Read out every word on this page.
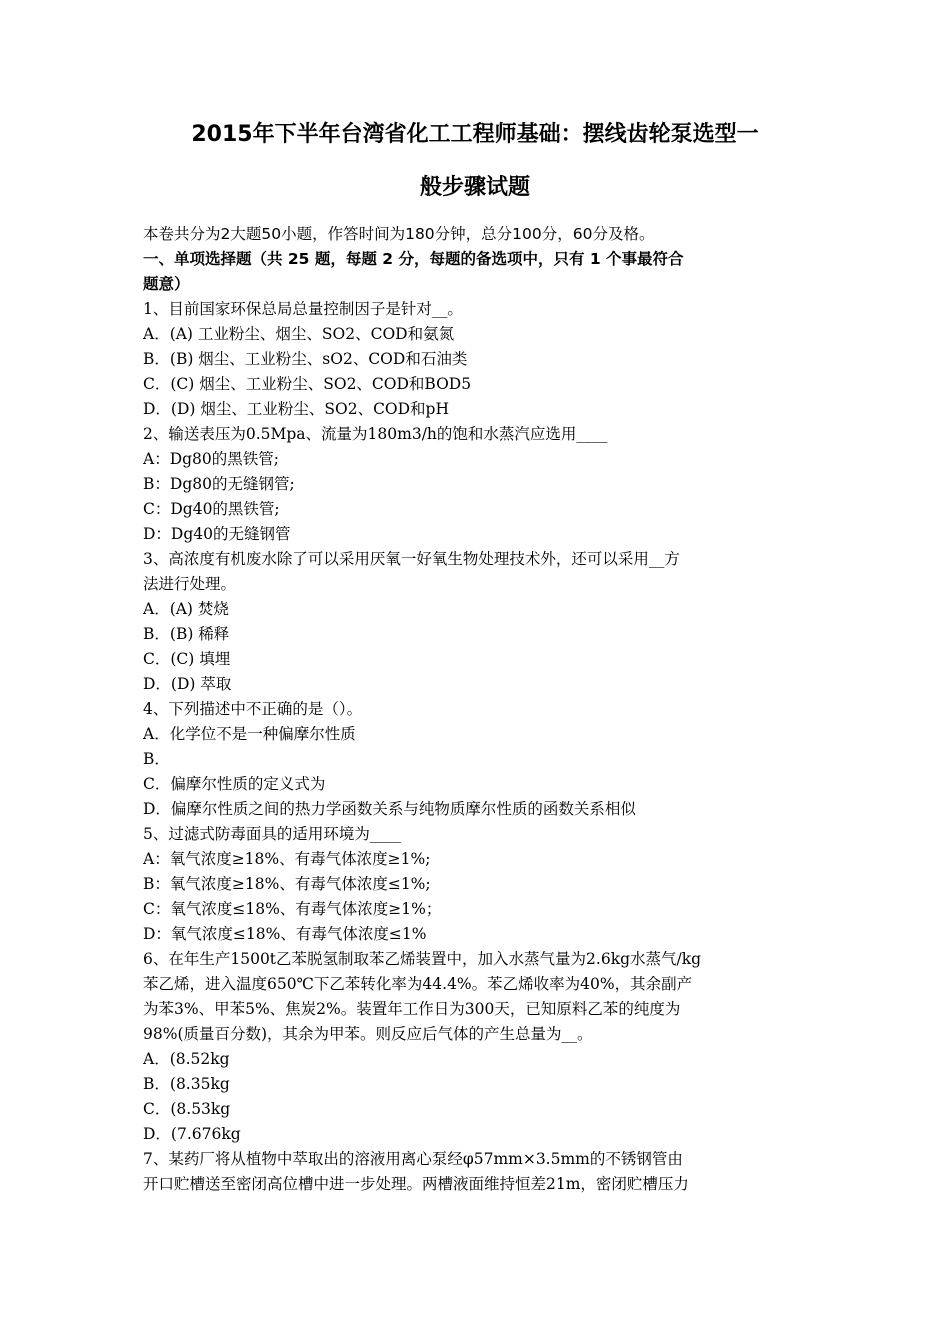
2015年下半年台湾省化工工程师基础：摆线齿轮泵选型一
般步骤试题
本卷共分为2大题50小题，作答时间为180分钟，总分100分，60分及格。
一、单项选择题（共 25 题，每题 2 分，每题的备选项中，只有 1 个事最符合
题意）
1、目前国家环保总局总量控制因子是针对__。
A．(A) 工业粉尘、烟尘、SO2、COD和氨氮
B．(B) 烟尘、工业粉尘、sO2、COD和石油类
C．(C) 烟尘、工业粉尘、SO2、COD和BOD5
D．(D) 烟尘、工业粉尘、SO2、COD和pH
2、输送表压为0.5Mpa、流量为180m3/h的饱和水蒸汽应选用____
A：Dg80的黑铁管;
B：Dg80的无缝钢管;
C：Dg40的黑铁管;
D：Dg40的无缝钢管
3、高浓度有机废水除了可以采用厌氧一好氧生物处理技术外，还可以采用__方
法进行处理。
A．(A) 焚烧
B．(B) 稀释
C．(C) 填埋
D．(D) 萃取
4、下列描述中不正确的是（）。
A．化学位不是一种偏摩尔性质
B．
C．偏摩尔性质的定义式为
D．偏摩尔性质之间的热力学函数关系与纯物质摩尔性质的函数关系相似
5、过滤式防毒面具的适用环境为____
A：氧气浓度≥18%、有毒气体浓度≥1%;
B：氧气浓度≥18%、有毒气体浓度≤1%;
C：氧气浓度≤18%、有毒气体浓度≥1%；
D：氧气浓度≤18%、有毒气体浓度≤1%
6、在年生产1500t乙苯脱氢制取苯乙烯装置中，加入水蒸气量为2.6kg水蒸气/kg
苯乙烯，进入温度650℃下乙苯转化率为44.4%。苯乙烯收率为40%，其余副产
为苯3%、甲苯5%、焦炭2%。装置年工作日为300天，已知原料乙苯的纯度为
98%(质量百分数)，其余为甲苯。则反应后气体的产生总量为__。
A．(8.52kg
B．(8.35kg
C．(8.53kg
D．(7.676kg
7、某药厂将从植物中萃取出的溶液用离心泵经φ57mm×3.5mm的不锈钢管由
开口贮槽送至密闭高位槽中进一步处理。两槽液面维持恒差21m，密闭贮槽压力
